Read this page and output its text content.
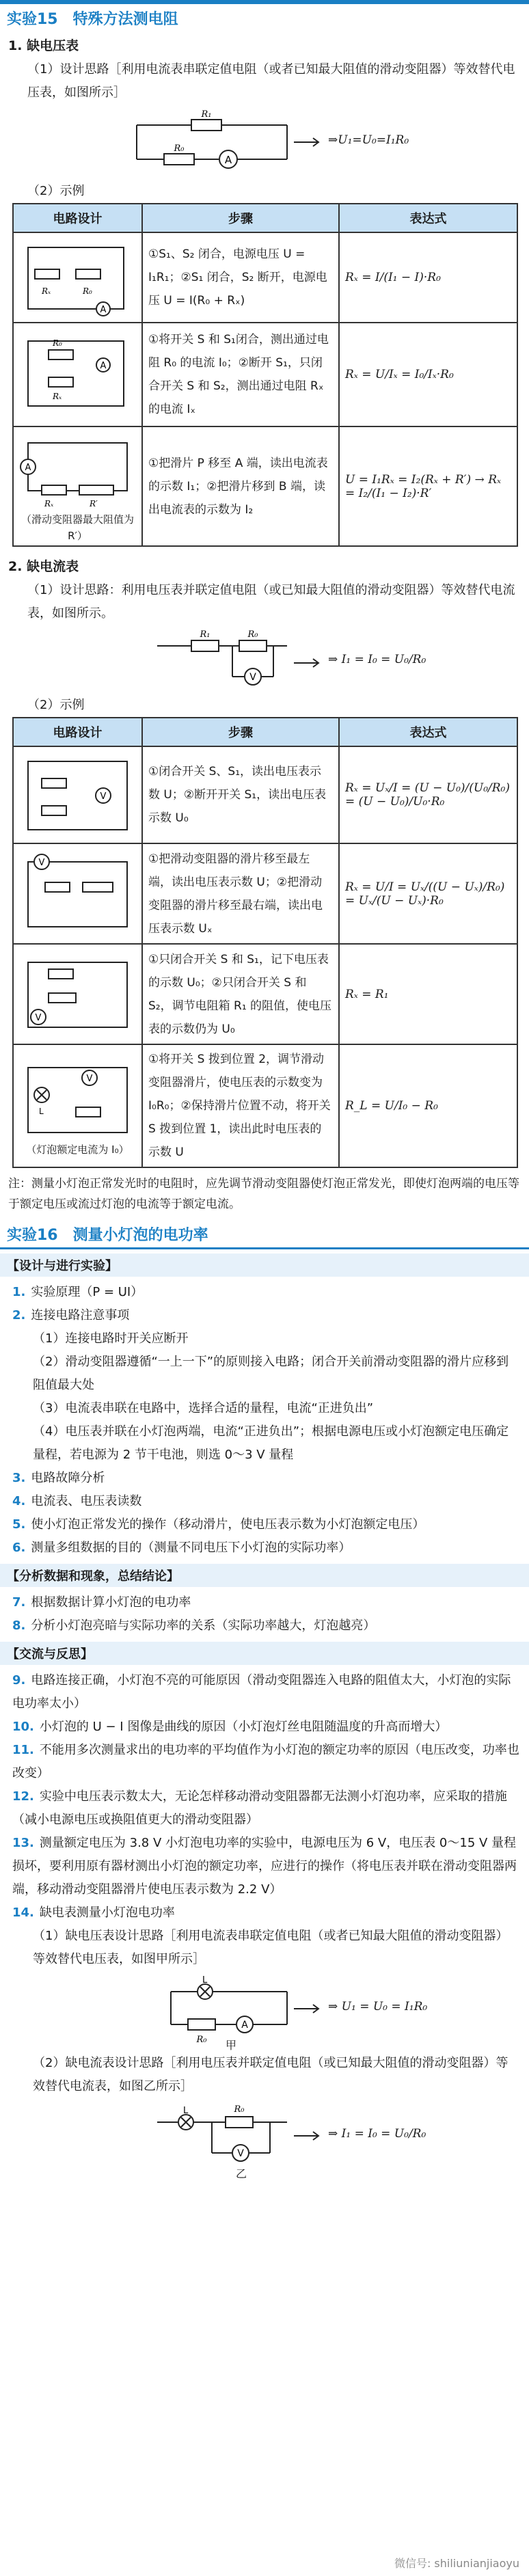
实验15 特殊方法测电阻
1. 缺电压表
（1）设计思路［利用电流表串联定值电阻（或者已知最大阻值的滑动变阻器）等效替代电压表，如图所示］
A
R₀
R₁
⇒U₁=U₀=I₁R₀
（2）示例
电路设计	步骤	表达式

A
Rₓ R₀	①S₁、S₂ 闭合，电源电压 U = I₁R₁；②S₁ 闭合，S₂ 断开，电源电压 U = I(R₀ + Rₓ)	Rₓ = I/(I₁ − I)·R₀

A
R₀
Rₓ	①将开关 S 和 S₁闭合，测出通过电阻 R₀ 的电流 I₀；②断开 S₁，只闭合开关 S 和 S₂，测出通过电阻 Rₓ 的电流 Iₓ	Rₓ = U/Iₓ = I₀/Iₓ·R₀

A
Rₓ R′
（滑动变阻器最大阻值为 R′）	①把滑片 P 移至 A 端，读出电流表的示数 I₁；②把滑片移到 B 端，读出电流表的示数为 I₂	U = I₁Rₓ = I₂(Rₓ + R′) → Rₓ = I₂/(I₁ − I₂)·R′
2. 缺电流表
（1）设计思路：利用电压表并联定值电阻（或已知最大阻值的滑动变阻器）等效替代电流表，如图所示。
V
R₁	R₀
⇒ I₁ = I₀ = U₀/R₀
（2）示例
电路设计	步骤	表达式

V	①闭合开关 S、S₁，读出电压表示数 U；②断开开关 S₁，读出电压表示数 U₀	Rₓ = Uₓ/I = (U − U₀)/(U₀/R₀) = (U − U₀)/U₀·R₀

V	①把滑动变阻器的滑片移至最左端，读出电压表示数 U；②把滑动变阻器的滑片移至最右端，读出电压表示数 Uₓ	Rₓ = U/I = Uₓ/((U − Uₓ)/R₀) = Uₓ/(U − Uₓ)·R₀

V	①只闭合开关 S 和 S₁，记下电压表的示数 U₀；②只闭合开关 S 和 S₂，调节电阻箱 R₁ 的阻值，使电压表的示数仍为 U₀	Rₓ = R₁

V
L
（灯泡额定电流为 I₀）	①将开关 S 拨到位置 2，调节滑动变阻器滑片，使电压表的示数变为 I₀R₀；②保持滑片位置不动，将开关 S 拨到位置 1，读出此时电压表的示数 U	R_L = U/I₀ − R₀
注：测量小灯泡正常发光时的电阻时，应先调节滑动变阻器使灯泡正常发光，即使灯泡两端的电压等于额定电压或流过灯泡的电流等于额定电流。
实验16 测量小灯泡的电功率
【设计与进行实验】
1. 实验原理（P = UI）
2. 连接电路注意事项
（1）连接电路时开关应断开
（2）滑动变阻器遵循“一上一下”的原则接入电路；闭合开关前滑动变阻器的滑片应移到阻值最大处
（3）电流表串联在电路中，选择合适的量程，电流“正进负出”
（4）电压表并联在小灯泡两端，电流“正进负出”；根据电源电压或小灯泡额定电压确定量程，若电源为 2 节干电池，则选 0～3 V 量程
3. 电路故障分析
4. 电流表、电压表读数
5. 使小灯泡正常发光的操作（移动滑片，使电压表示数为小灯泡额定电压）
6. 测量多组数据的目的（测量不同电压下小灯泡的实际功率）
【分析数据和现象，总结结论】
7. 根据数据计算小灯泡的电功率
8. 分析小灯泡亮暗与实际功率的关系（实际功率越大，灯泡越亮）
【交流与反思】
9. 电路连接正确，小灯泡不亮的可能原因（滑动变阻器连入电路的阻值太大，小灯泡的实际电功率太小）
10. 小灯泡的 U − I 图像是曲线的原因（小灯泡灯丝电阻随温度的升高而增大）
11. 不能用多次测量求出的电功率的平均值作为小灯泡的额定功率的原因（电压改变，功率也改变）
12. 实验中电压表示数太大，无论怎样移动滑动变阻器都无法测小灯泡功率，应采取的措施（减小电源电压或换阻值更大的滑动变阻器）
13. 测量额定电压为 3.8 V 小灯泡电功率的实验中，电源电压为 6 V，电压表 0～15 V 量程损坏，要利用原有器材测出小灯泡的额定功率，应进行的操作（将电压表并联在滑动变阻器两端，移动滑动变阻器滑片使电压表示数为 2.2 V）
14. 缺电表测量小灯泡电功率
（1）缺电压表设计思路［利用电流表串联定值电阻（或者已知最大阻值的滑动变阻器）等效替代电压表，如图甲所示］
A
L
R₀
⇒ U₁ = U₀ = I₁R₀
甲
（2）缺电流表设计思路［利用电压表并联定值电阻（或已知最大阻值的滑动变阻器）等效替代电流表，如图乙所示］
V
L	R₀
⇒ I₁ = I₀ = U₀/R₀
乙
微信号: shiliunianjiaoyu
